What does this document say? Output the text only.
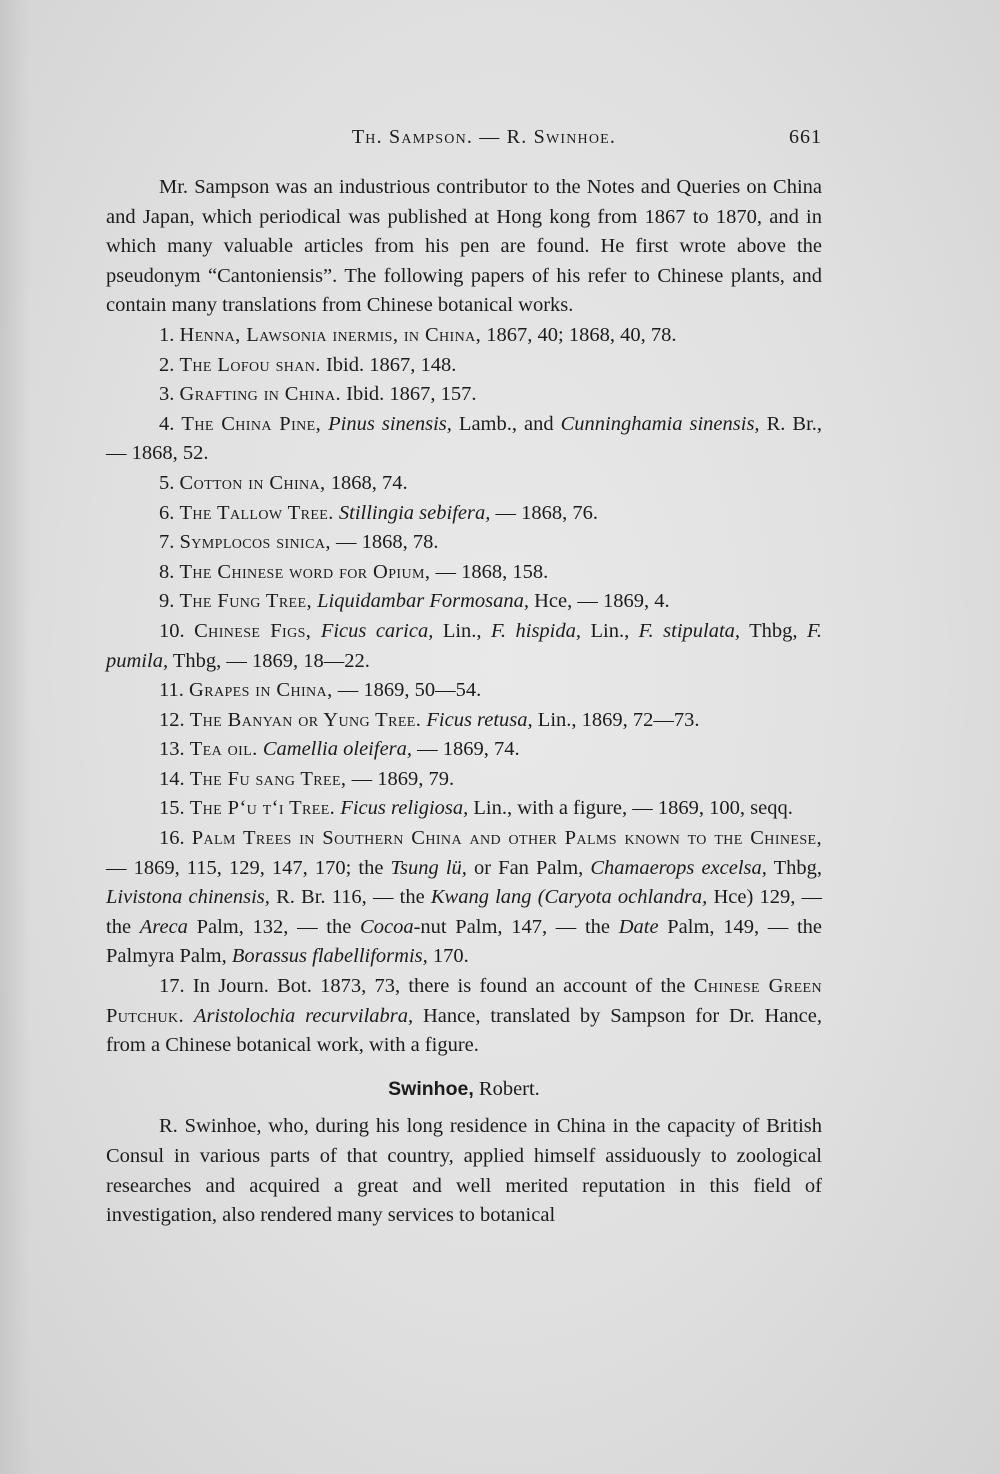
Th. Sampson. — R. Swinhoe.	661

Mr. Sampson was an industrious contributor to the Notes and Queries on China and Japan, which periodical was published at Hong kong from 1867 to 1870, and in which many valuable articles from his pen are found. He first wrote above the pseudonym “Cantoniensis”. The following papers of his refer to Chinese plants, and contain many translations from Chinese botanical works.

1. Henna, Lawsonia inermis, in China, 1867, 40; 1868, 40, 78.

2. The Lofou shan. Ibid. 1867, 148.

3. Grafting in China. Ibid. 1867, 157.

4. The China Pine, Pinus sinensis, Lamb., and Cunninghamia sinensis, R. Br., — 1868, 52.

5. Cotton in China, 1868, 74.

6. The Tallow Tree. Stillingia sebifera, — 1868, 76.

7. Symplocos sinica, — 1868, 78.

8. The Chinese word for Opium, — 1868, 158.

9. The Fung Tree, Liquidambar Formosana, Hce, — 1869, 4.

10. Chinese Figs, Ficus carica, Lin., F. hispida, Lin., F. stipulata, Thbg, F. pumila, Thbg, — 1869, 18—22.

11. Grapes in China, — 1869, 50—54.

12. The Banyan or Yung Tree. Ficus retusa, Lin., 1869, 72—73.

13. Tea oil. Camellia oleifera, — 1869, 74.

14. The Fu sang Tree, — 1869, 79.

15. The P‘u t‘i Tree. Ficus religiosa, Lin., with a figure, — 1869, 100, seqq.

16. Palm Trees in Southern China and other Palms known to the Chinese, — 1869, 115, 129, 147, 170; the Tsung lü, or Fan Palm, Chamaerops excelsa, Thbg, Livistona chinensis, R. Br. 116, — the Kwang lang (Caryota ochlandra, Hce) 129, — the Areca Palm, 132, — the Cocoa-nut Palm, 147, — the Date Palm, 149, — the Palmyra Palm, Borassus flabelliformis, 170.

17. In Journ. Bot. 1873, 73, there is found an account of the Chinese Green Putchuk. Aristolochia recurvilabra, Hance, translated by Sampson for Dr. Hance, from a Chinese botanical work, with a figure.

Swinhoe, Robert.

R. Swinhoe, who, during his long residence in China in the capacity of British Consul in various parts of that country, applied himself assiduously to zoological researches and acquired a great and well merited reputation in this field of investigation, also rendered many services to botanical
